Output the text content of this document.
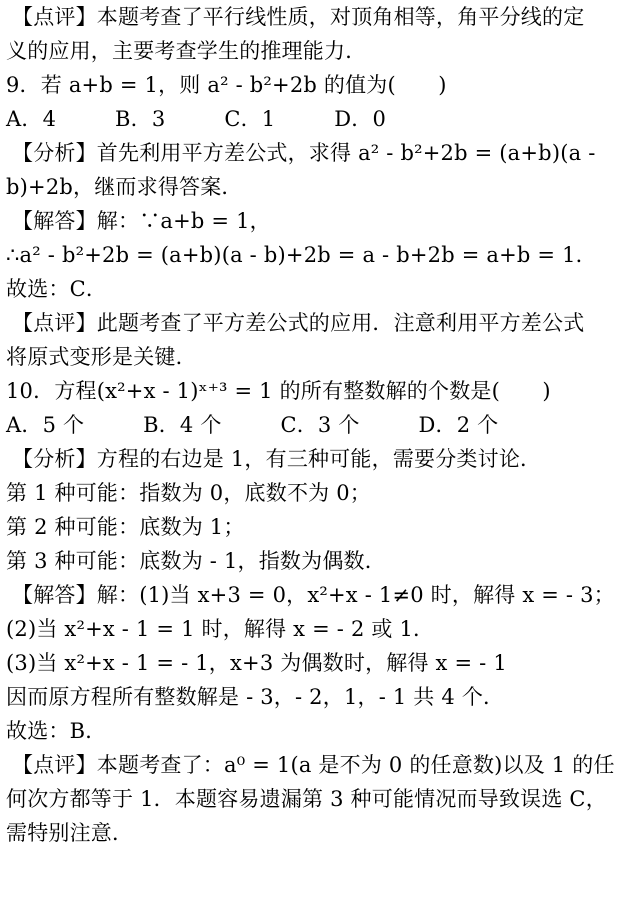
【点评】本题考查了平行线性质，对顶角相等，角平分线的定
义的应用，主要考查学生的推理能力．
9．若 a+b = 1，则 a² - b²+2b 的值为(　　)
A．4	B．3	C．1	D．0
【分析】首先利用平方差公式，求得 a² - b²+2b = (a+b)(a -
b)+2b，继而求得答案．
【解答】解：∵a+b = 1，
∴a² - b²+2b = (a+b)(a - b)+2b = a - b+2b = a+b = 1．
故选：C．
【点评】此题考查了平方差公式的应用．注意利用平方差公式
将原式变形是关键．
10．方程(x²+x - 1)ˣ⁺³ = 1 的所有整数解的个数是(　　)
A．5 个	B．4 个	C．3 个	D．2 个
【分析】方程的右边是 1，有三种可能，需要分类讨论．
第 1 种可能：指数为 0，底数不为 0；
第 2 种可能：底数为 1；
第 3 种可能：底数为 - 1，指数为偶数．
【解答】解：(1)当 x+3 = 0，x²+x - 1≠0 时，解得 x = - 3；
(2)当 x²+x - 1 = 1 时，解得 x = - 2 或 1．
(3)当 x²+x - 1 = - 1，x+3 为偶数时，解得 x = - 1
因而原方程所有整数解是 - 3，- 2，1，- 1 共 4 个．
故选：B．
【点评】本题考查了：a⁰ = 1(a 是不为 0 的任意数)以及 1 的任
何次方都等于 1．本题容易遗漏第 3 种可能情况而导致误选 C，
需特别注意．
